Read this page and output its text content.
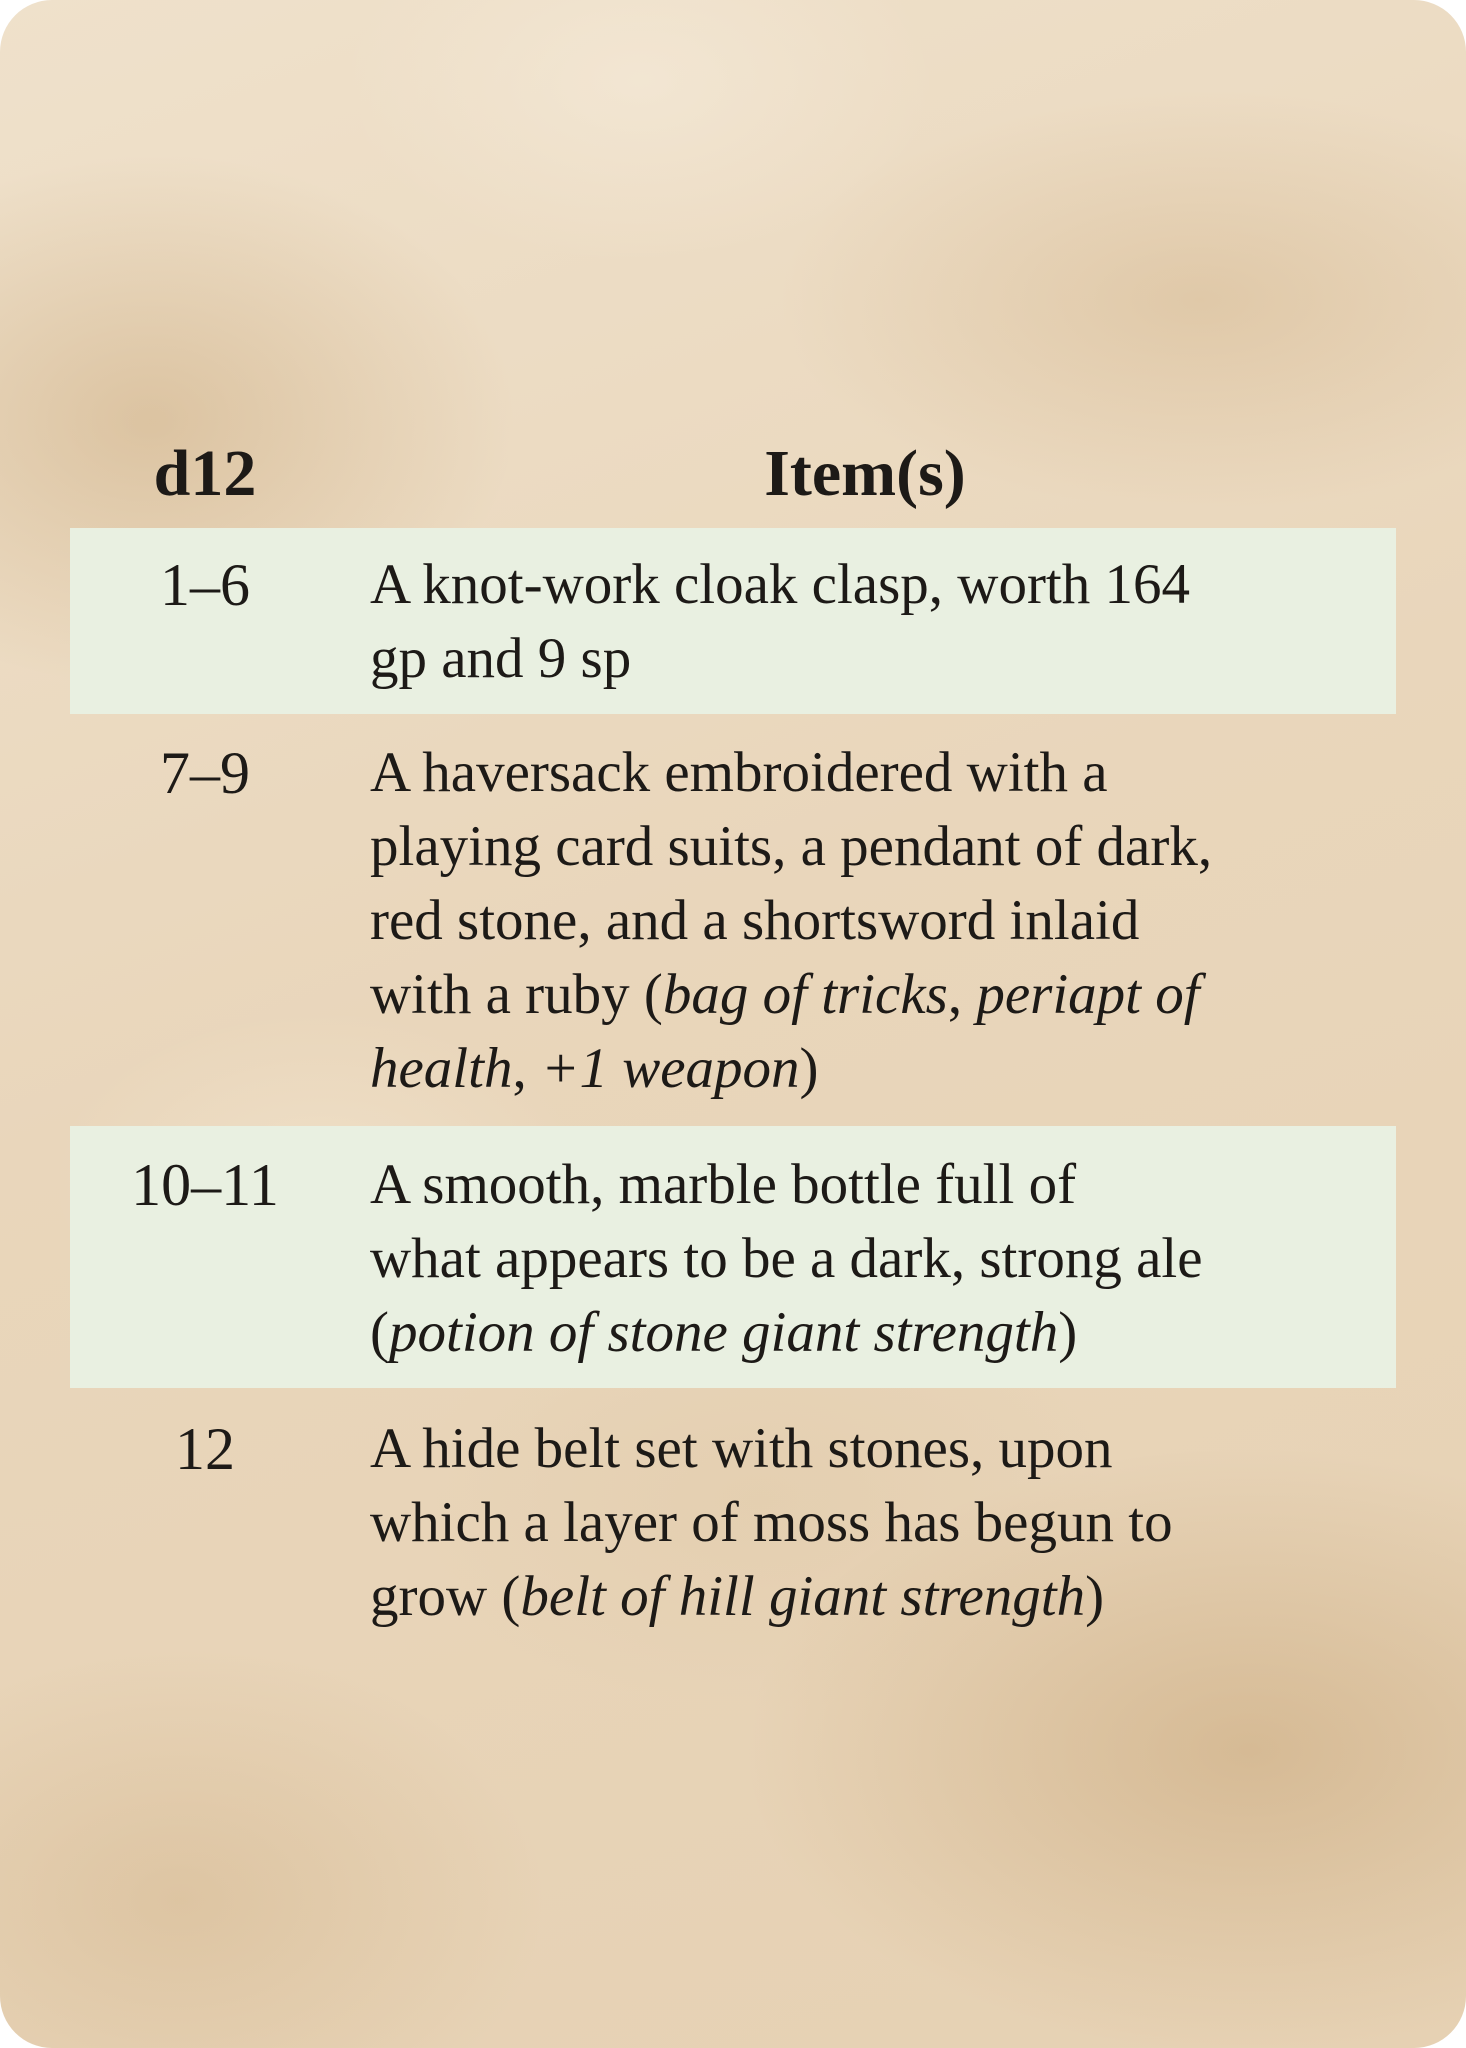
d12	Item(s)
1–6	A knot-work cloak clasp, worth 164
gp and 9 sp
7–9	A haversack embroidered with a
playing card suits, a pendant of dark,
red stone, and a shortsword inlaid
with a ruby (bag of tricks, periapt of
health, +1 weapon)
10–11	A smooth, marble bottle full of
what appears to be a dark, strong ale
(potion of stone giant strength)
12	A hide belt set with stones, upon
which a layer of moss has begun to
grow (belt of hill giant strength)
